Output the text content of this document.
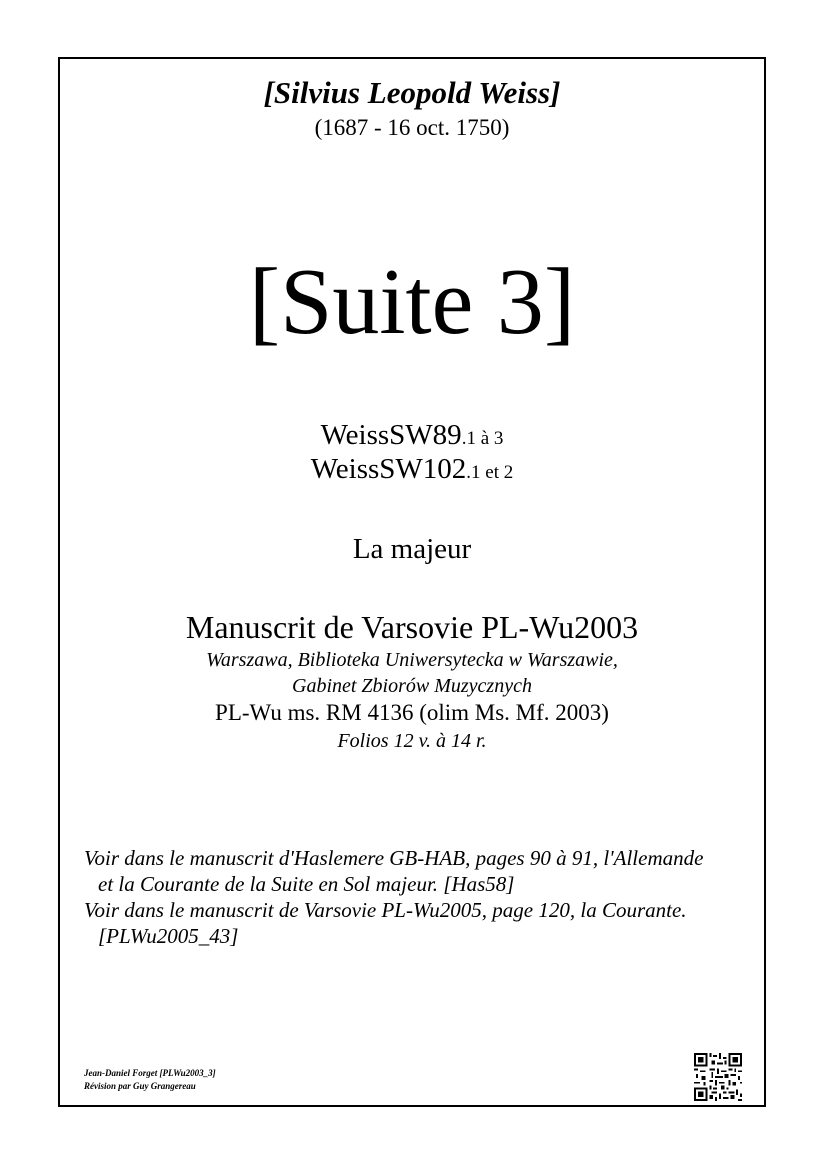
[Silvius Leopold Weiss]
(1687 - 16 oct. 1750)
[Suite 3]
WeissSW89.1 à 3
WeissSW102.1 et 2
La majeur
Manuscrit de Varsovie PL-Wu2003
Warszawa, Biblioteka Uniwersytecka w Warszawie,
Gabinet Zbiorów Muzycznych
PL-Wu ms. RM 4136 (olim Ms. Mf. 2003)
Folios 12 v. à 14 r.
Voir dans le manuscrit d'Haslemere GB-HAB, pages 90 à 91, l'Allemande
et la Courante de la Suite en Sol majeur. [Has58]
Voir dans le manuscrit de Varsovie PL-Wu2005, page 120, la Courante.
[PLWu2005_43]
Jean-Daniel Forget [PLWu2003_3]
Révision par Guy Grangereau
